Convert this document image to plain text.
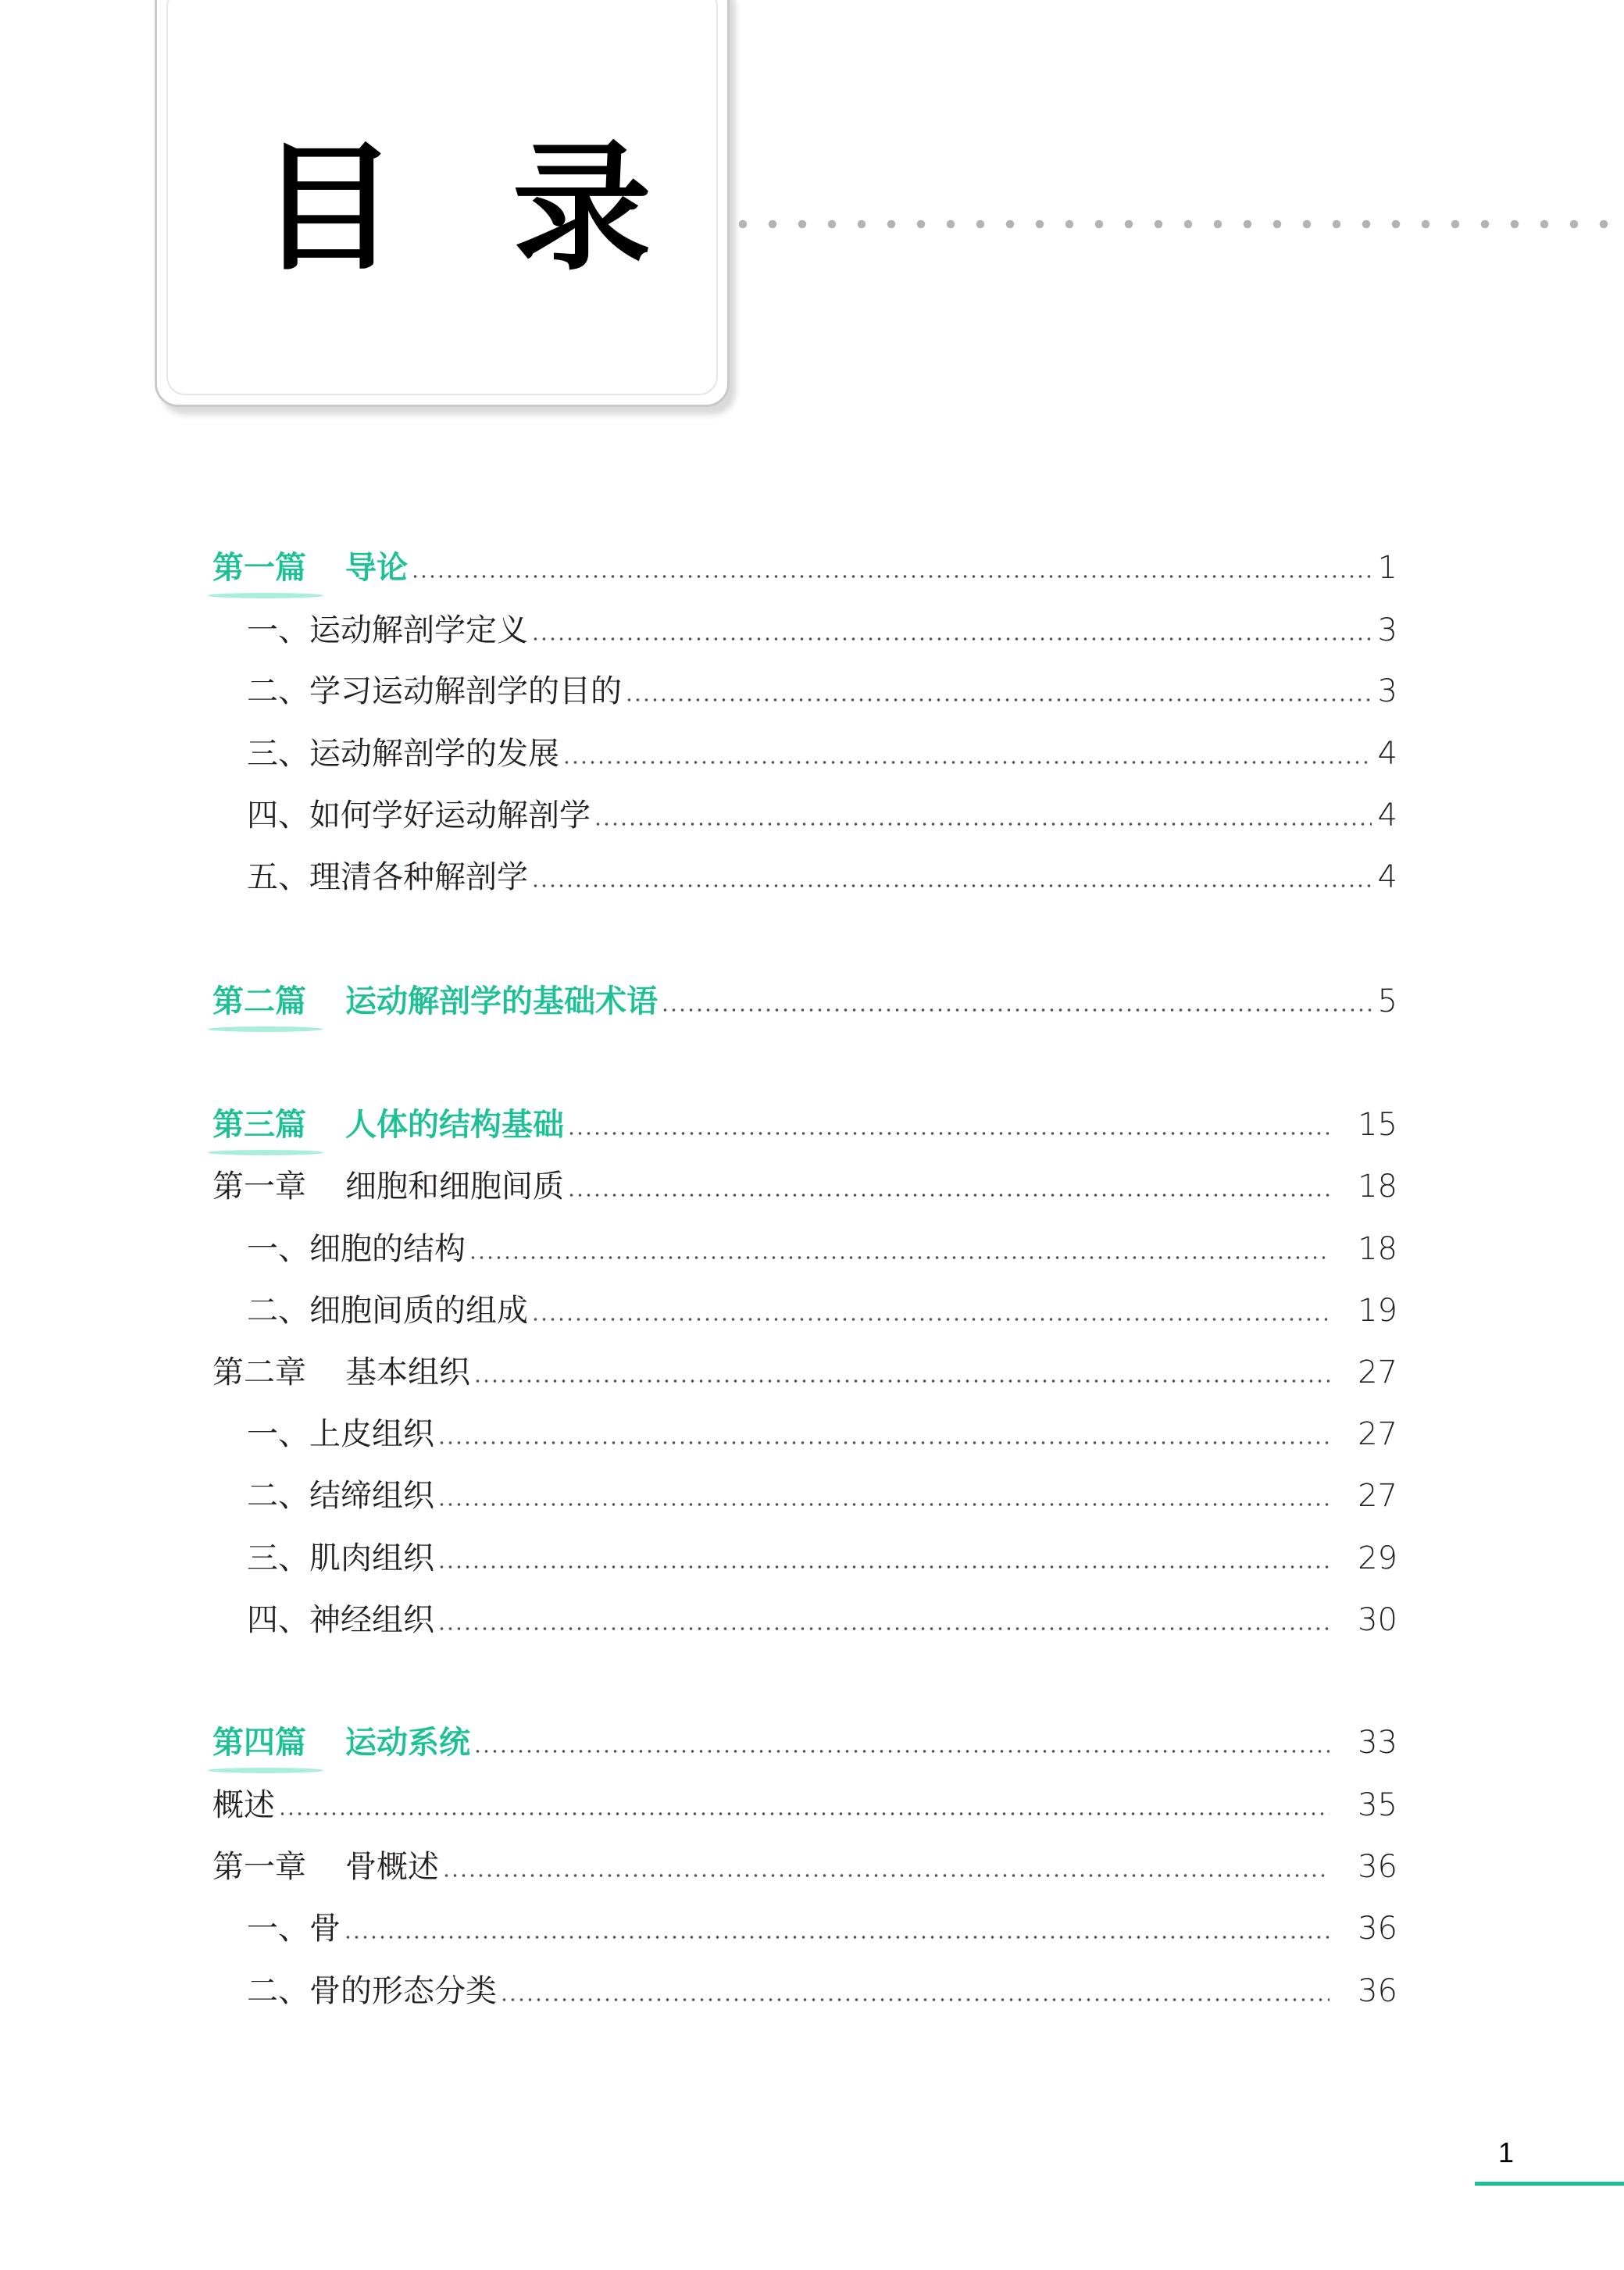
目 录
第一篇 导论	1
一、运动解剖学定义	3
二、学习运动解剖学的目的	3
三、运动解剖学的发展	4
四、如何学好运动解剖学	4
五、理清各种解剖学	4
第二篇 运动解剖学的基础术语	5
第三篇 人体的结构基础	15
第一章 细胞和细胞间质	18
一、细胞的结构	18
二、细胞间质的组成	19
第二章 基本组织	27
一、上皮组织	27
二、结缔组织	27
三、肌肉组织	29
四、神经组织	30
第四篇 运动系统	33
概述	35
第一章 骨概述	36
一、骨	36
二、骨的形态分类	36
1
